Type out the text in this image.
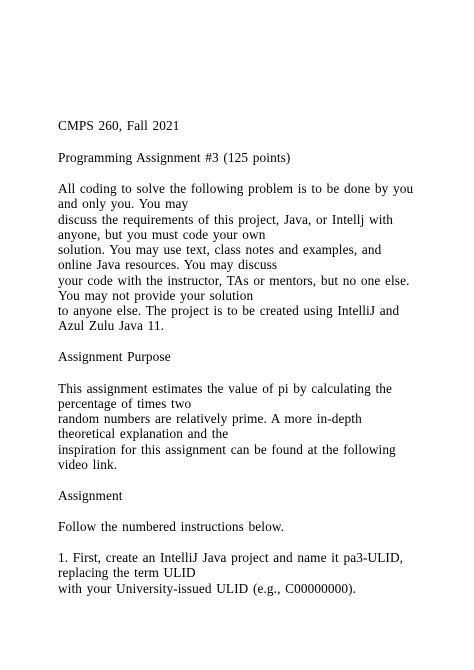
CMPS 260, Fall 2021
Programming Assignment #3 (125 points)
All coding to solve the following problem is to be done by you
and only you. You may
discuss the requirements of this project, Java, or Intellj with
anyone, but you must code your own
solution. You may use text, class notes and examples, and
online Java resources. You may discuss
your code with the instructor, TAs or mentors, but no one else.
You may not provide your solution
to anyone else. The project is to be created using IntelliJ and
Azul Zulu Java 11.
Assignment Purpose
This assignment estimates the value of pi by calculating the
percentage of times two
random numbers are relatively prime. A more in-depth
theoretical explanation and the
inspiration for this assignment can be found at the following
video link.
Assignment
Follow the numbered instructions below.
1. First, create an IntelliJ Java project and name it pa3-ULID,
replacing the term ULID
with your University-issued ULID (e.g., C00000000).
